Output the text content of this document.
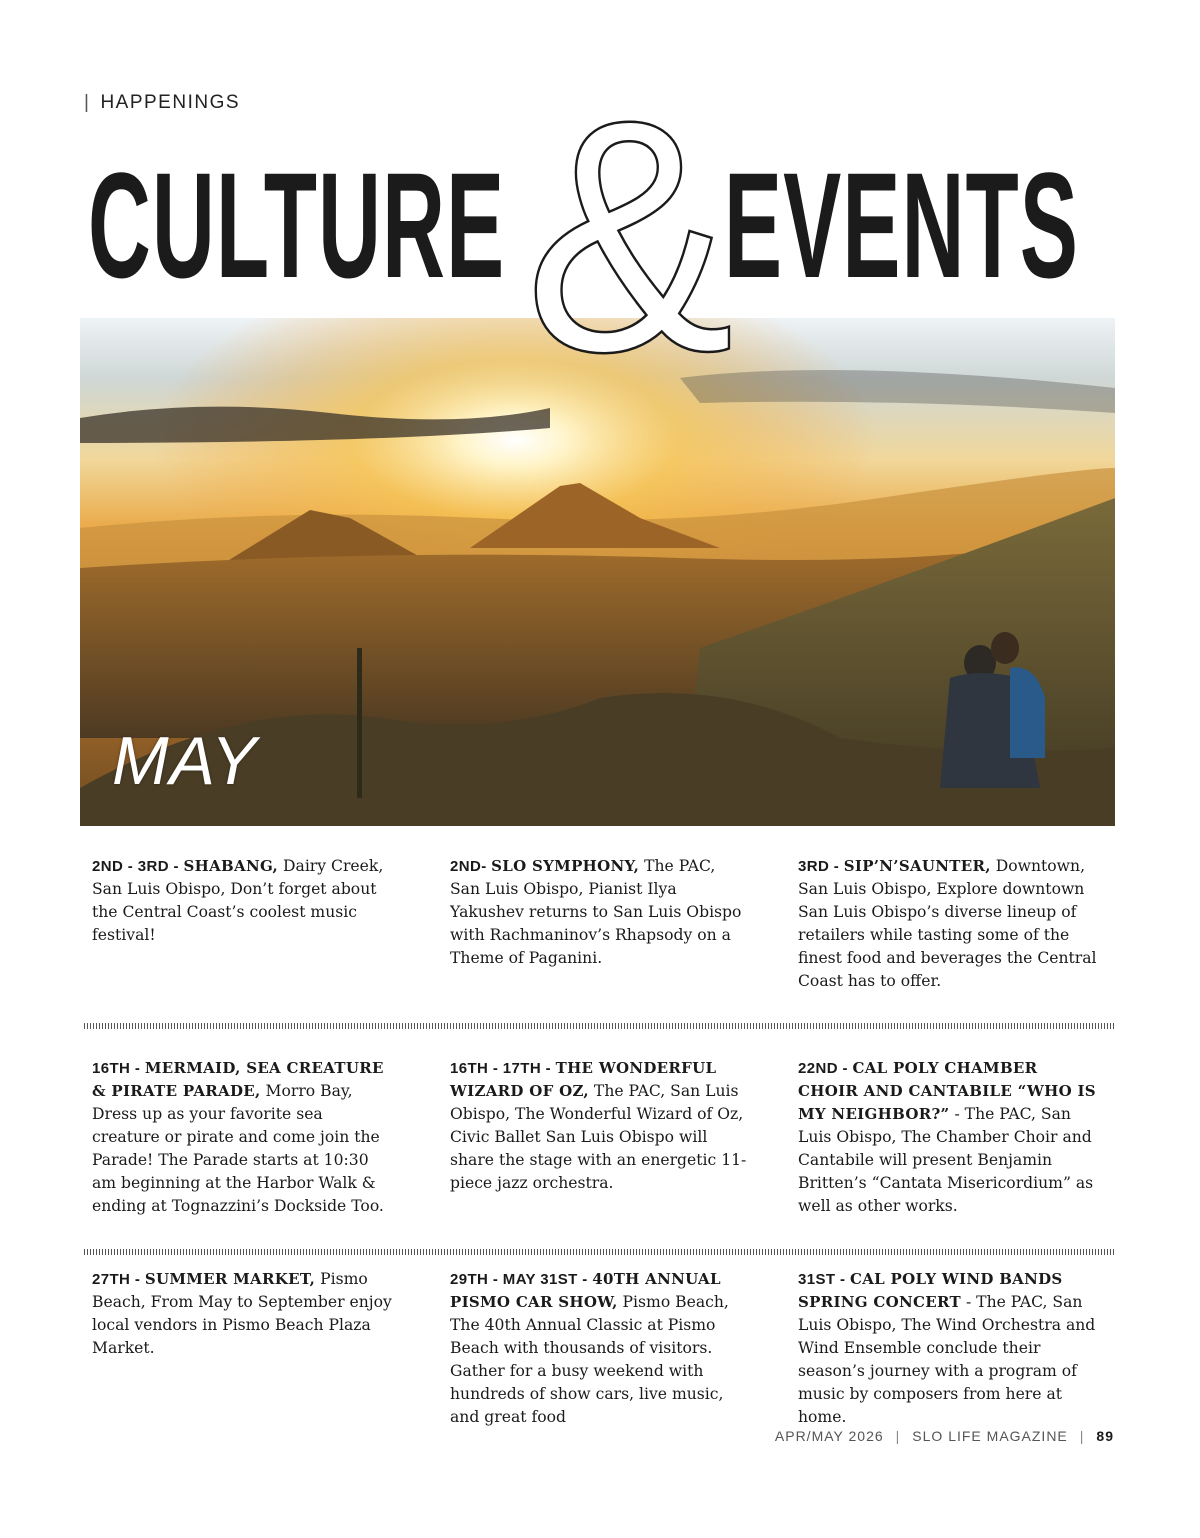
| HAPPENINGS
CULTURE EVENTS
&
MAY
2ND - 3RD - SHABANG, Dairy Creek, San Luis Obispo, Don’t forget about the Central Coast’s coolest music festival!
2ND- SLO SYMPHONY, The PAC, San Luis Obispo, Pianist Ilya Yakushev returns to San Luis Obispo with Rachmaninov’s Rhapsody on a Theme of Paganini.
3RD - SIP’N’SAUNTER, Downtown, San Luis Obispo, Explore downtown San Luis Obispo’s diverse lineup of retailers while tasting some of the finest food and beverages the Central Coast has to offer.
16TH - MERMAID, SEA CREATURE & PIRATE PARADE, Morro Bay, Dress up as your favorite sea creature or pirate and come join the Parade! The Parade starts at 10:30 am beginning at the Harbor Walk & ending at Tognazzini’s Dockside Too.
16TH - 17TH - THE WONDERFUL WIZARD OF OZ, The PAC, San Luis Obispo, The Wonderful Wizard of Oz, Civic Ballet San Luis Obispo will share the stage with an energetic 11-piece jazz orchestra.
22ND - CAL POLY CHAMBER CHOIR AND CANTABILE “WHO IS MY NEIGHBOR?” - The PAC, San Luis Obispo, The Chamber Choir and Cantabile will present Benjamin Britten’s “Cantata Misericordium” as well as other works.
27TH - SUMMER MARKET, Pismo Beach, From May to September enjoy local vendors in Pismo Beach Plaza Market.
29TH - MAY 31ST - 40TH ANNUAL PISMO CAR SHOW, Pismo Beach, The 40th Annual Classic at Pismo Beach with thousands of visitors. Gather for a busy weekend with hundreds of show cars, live music, and great food
31ST - CAL POLY WIND BANDS SPRING CONCERT - The PAC, San Luis Obispo, The Wind Orchestra and Wind Ensemble conclude their season’s journey with a program of music by composers from here at home.
APR/MAY 2026 | SLO LIFE MAGAZINE | 89
